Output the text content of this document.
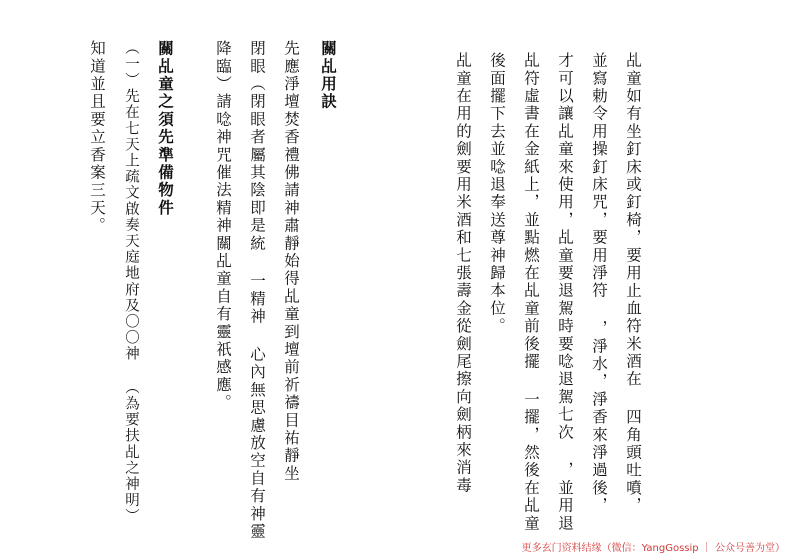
乩童如有坐釘床或釘椅，要用止血符米酒在 四角頭吐噴，
並寫勅令用操釘床咒，要用淨符 ，淨水，淨香來淨過後，
才可以讓乩童來使用，乩童要退駕時要唸退駕七次 ，並用退
乩符虛書在金紙上，並點燃在乩童前後擺 一擺，然後在乩童
後面擺下去並唸退奉送尊神歸本位。
乩童在用的劍要用米酒和七張壽金從劍尾擦向劍柄來消毒
關乩用訣
先應淨壇焚香禮佛請神肅靜始得乩童到壇前祈禱目祐靜坐
閉眼（閉眼者屬其陰即是統 一精神 心內無思慮放空自有神靈
降臨）請唸神咒催法精神關乩童自有靈祇感應。
關乩童之須先準備物件
（一）先在七天上疏文啟奏天庭地府及〇〇神 （為要扶乩之神明）
知道並且要立香案三天。
更多玄门资料结缘（微信：YangGossip ｜ 公众号善为堂）
